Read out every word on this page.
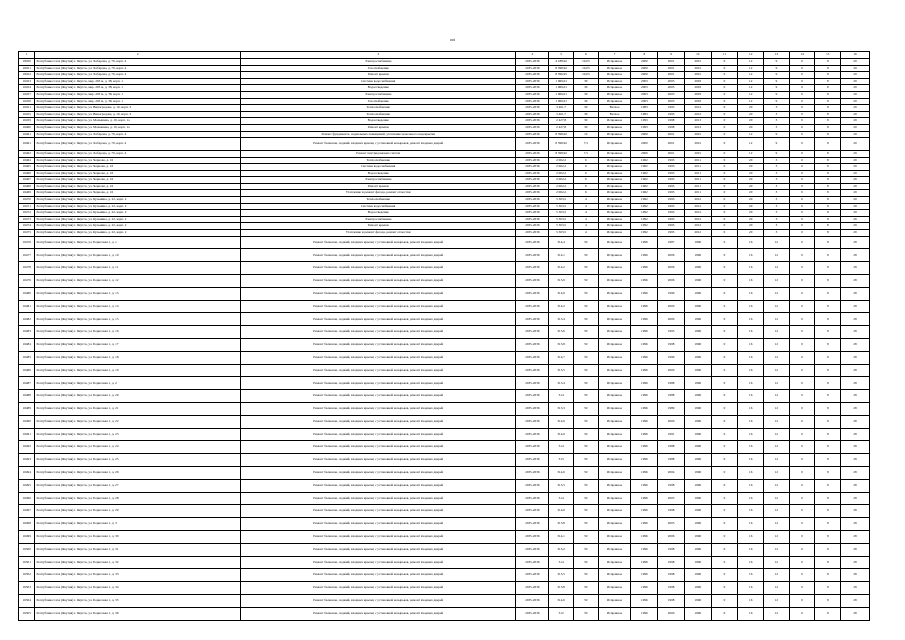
ooi
1	2	3	4	5	6	7	8	9	10	11	12	13	14	15	16
18450	Республика Саха (Якутия) г. Якутск, ул. Хабарова, д. 79, корп. 4	Электроснабжение	2035-2036	4 188,92	10,03	Исправное	2000	2001	2001	0	12	9	0	8	29
18451	Республика Саха (Якутия) г. Якутск, ул. Хабарова, д. 79, корп. 4	Газоснабжение	2035-2036	8 598,92	10,03	Исправное	2000	2001	2001	0	12	9	0	8	29
18452	Республика Саха (Якутия) г. Якутск, ул. Хабарова, д. 79, корп. 4	Ремонт крыши	2035-2036	8 596,95	10,03	Исправное	2000	2001	2001	0	12	9	0	8	29
16453	Республика Саха (Якутия) г. Якутск, мкр. 203 м, д. 38, корп. 1	Система водоснабжения	2035-2036	1 969,01	30	Исправное	2003	2003	2003	0	12	9	0	8	29
16454	Республика Саха (Якутия) г. Якутск, мкр. 203 м, д. 38, корп. 1	Водоотведение	2035-2036	1 969,01	30	Исправное	2003	2003	2003	0	12	9	0	8	29
16457	Республика Саха (Якутия) г. Якутск, мкр. 203 м, д. 38, корп. 1	Электроснабжение	2035-2036	1 969,01	30	Исправное	2003	2003	2003	0	12	9	0	8	29
16456	Республика Саха (Якутия) г. Якутск, мкр. 203 м, д. 38, корп. 1	Газоснабжение	2035-2036	1 969,01	30	Исправное	2003	2003	2003	0	12	9	0	8	29
16451	Республика Саха (Якутия) г. Якутск, ул. Виноградова, д. 10, корп. 3	Теплоснабжение	2035-2036	3 461,7	30	Ветхое	1983	1993	2012	0	20	3	0	8	29
16455	Республика Саха (Якутия) г. Якутск, ул. Виноградова, д. 10, корп. 3	Теплоснабжение	2035-2036	3 461,7	30	Ветхое	1983	1993	2012	0	20	3	0	8	29
16459	Республика Саха (Якутия) г. Якутск, ул. Малышева, д. 19, корп. 1а	Водоотведение	2035-2036	2 427,8	30	Исправное	1993	1998	2013	0	20	3	0	8	29
16460	Республика Саха (Якутия) г. Якутск, ул. Малышева, д. 19, корп. 1а	Ремонт крыши	2035-2036	2 427,8	30	Исправное	1993	1998	2013	0	20	3	0	8	29
16461	Республика Саха (Якутия) г. Якутск, ул. Хабарова, д. 79, корп. 4	Ремонт фундамента, подвальных помещений, утепление цокольного перекрытия	2035-2036	8 598,92	10	Исправное	2000	2001	2001	0	12	9	0	8	29
16461	Республика Саха (Якутия) г. Якутск, ул. Хабарова, д. 79, корп. 4	Ремонт балконов, лоджий, входных крылец с установкой козырьков, ремонт входных дверей	2035-2036	8 598,92	7,5	Исправное	2000	2001	2001	0	12	9	0	8	29
16462	Республика Саха (Якутия) г. Якутск, ул. Хабарова, д. 79, корп. 4	Ремонт внутридомовых систем	2035-2036	8 598,92	7,5	Исправное	2000	2001	2001	0	12	9	0	8	29
16464	Республика Саха (Якутия) г. Якутск, ул. Чернова, д. 16	Теплоснабжение	2035-2036	2 062,2	6	Исправное	1962	1993	2011	0	20	3	0	8	29
16465	Республика Саха (Якутия) г. Якутск, ул. Чернова, д. 16	Система водоснабжения	2035-2036	2 062,2	6	Исправное	1962	1993	2011	0	20	3	0	8	29
16466	Республика Саха (Якутия) г. Якутск, ул. Чернова, д. 16	Водоотведение	2035-2036	2 062,2	6	Исправное	1962	1993	2011	0	20	3	0	8	29
16467	Республика Саха (Якутия) г. Якутск, ул. Чернова, д. 16	Электроснабжение	2035-2036	2 062,2	6	Исправное	1962	1993	2011	0	20	3	0	8	29
16468	Республика Саха (Якутия) г. Якутск, ул. Чернова, д. 16	Ремонт крыши	2035-2036	2 062,2	6	Исправное	1962	1993	2011	0	20	3	0	8	29
16469	Республика Саха (Якутия) г. Якутск, ул. Чернова, д. 16	Утепление и ремонт фасада, ремонт отмостки	2035-2036	2 062,2	6	Исправное	1962	1993	2011	0	20	3	0	8	29
16470	Республика Саха (Якутия) г. Якутск, ул. Кузьмина, д. 22, корп. 2	Теплоснабжение	2035-2036	5 303,5	4	Исправное	1992	1993	2012	0	20	3	0	8	29
16471	Республика Саха (Якутия) г. Якутск, ул. Кузьмина, д. 22, корп. 2	Система водоснабжения	2035-2036	5 303,5	4	Исправное	1992	1993	2012	0	20	3	0	8	29
16472	Республика Саха (Якутия) г. Якутск, ул. Кузьмина, д. 22, корп. 2	Водоотведение	2035-2036	5 303,5	4	Исправное	1992	1993	2012	0	20	3	0	8	29
16473	Республика Саха (Якутия) г. Якутск, ул. Кузьмина, д. 22, корп. 2	Электроснабжение	2035-2036	5 303,5	4	Исправное	1992	1993	2012	0	20	3	0	8	29
16474	Республика Саха (Якутия) г. Якутск, ул. Кузьмина, д. 22, корп. 2	Ремонт крыши	2035-2036	5 303,5	4	Исправное	1992	1993	2012	0	20	3	0	8	29
16475	Республика Саха (Якутия) г. Якутск, ул. Кузьмина, д. 22, корп. 2	Утепление и ремонт фасада, ремонт отмостки	2035-2036	5 303,5	4	Исправное	1992	1993	2012	0	20	3	0	8	29
16476	Республика Саха (Якутия) г. Якутск, ул. Борисовая 1, д. 1	Ремонт балконов, лоджий, входных крылец с установкой козырьков, ремонт входных дверей	2035-2036	314,4	50	Исправное	1996	1987	1996	0	16	12	0	8	28
16477	Республика Саха (Якутия) г. Якутск, ул. Борисовая 1, д. 10	Ремонт балконов, лоджий, входных крылец с установкой козырьков, ремонт входных дверей	2035-2036	314,1	50	Исправное	1996	2006	1996	0	16	12	0	8	28
16478	Республика Саха (Якутия) г. Якутск, ул. Борисовая 1, д. 11	Ремонт балконов, лоджий, входных крылец с установкой козырьков, ремонт входных дверей	2035-2036	314,2	50	Исправное	1996	2006	1996	0	16	12	0	8	28
16479	Республика Саха (Якутия) г. Якутск, ул. Борисовая 1, д. 12	Ремонт балконов, лоджий, входных крылец с установкой козырьков, ремонт входных дверей	2035-2036	315,9	50	Исправное	1996	2006	1996	0	16	12	0	8	28
16480	Республика Саха (Якутия) г. Якутск, ул. Борисовая 1, д. 13	Ремонт балконов, лоджий, входных крылец с установкой козырьков, ремонт входных дверей	2035-2036	314,9	50	Исправное	1996	1999	1996	0	16	12	0	8	28
16481	Республика Саха (Якутия) г. Якутск, ул. Борисовая 1, д. 14	Ремонт балконов, лоджий, входных крылец с установкой козырьков, ремонт входных дверей	2035-2036	314,2	50	Исправное	1996	2000	1996	0	16	12	0	8	28
16482	Республика Саха (Якутия) г. Якутск, ул. Борисовая 1, д. 15	Ремонт балконов, лоджий, входных крылец с установкой козырьков, ремонт входных дверей	2035-2036	313,4	50	Исправное	1996	2000	1996	0	16	12	0	8	28
16483	Республика Саха (Якутия) г. Якутск, ул. Борисовая 1, д. 16	Ремонт балконов, лоджий, входных крылец с установкой козырьков, ремонт входных дверей	2035-2036	313,6	50	Исправное	1996	1995	1996	0	16	12	0	8	28
16484	Республика Саха (Якутия) г. Якутск, ул. Борисовая 1, д. 17	Ремонт балконов, лоджий, входных крылец с установкой козырьков, ремонт входных дверей	2035-2036	313,8	50	Исправное	1996	1998	1996	0	16	12	0	8	28
16485	Республика Саха (Якутия) г. Якутск, ул. Борисовая 1, д. 18	Ремонт балконов, лоджий, входных крылец с установкой козырьков, ремонт входных дверей	2035-2036	314,7	50	Исправное	1996	1999	1996	0	16	12	0	8	28
16486	Республика Саха (Якутия) г. Якутск, ул. Борисовая 1, д. 19	Ремонт балконов, лоджий, входных крылец с установкой козырьков, ремонт входных дверей	2035-2036	313,5	50	Исправное	1996	2000	1996	0	16	12	0	8	28
16487	Республика Саха (Якутия) г. Якутск, ул. Борисовая 1, д. 2	Ремонт балконов, лоджий, входных крылец с установкой козырьков, ремонт входных дверей	2035-2036	313,4	50	Исправное	1996	1988	1996	0	16	12	0	8	28
16488	Республика Саха (Якутия) г. Якутск, ул. Борисовая 1, д. 20	Ремонт балконов, лоджий, входных крылец с установкой козырьков, ремонт входных дверей	2035-2036	314	50	Исправное	1996	1988	1996	0	16	12	0	8	28
16489	Республика Саха (Якутия) г. Якутск, ул. Борисовая 1, д. 21	Ремонт балконов, лоджий, входных крылец с установкой козырьков, ремонт входных дверей	2035-2036	313,3	50	Исправное	1996	1989	1996	0	16	12	0	8	28
16490	Республика Саха (Якутия) г. Якутск, ул. Борисовая 1, д. 22	Ремонт балконов, лоджий, входных крылец с установкой козырьков, ремонт входных дверей	2035-2036	314,6	50	Исправное	1996	2000	1996	0	16	12	0	8	28
16491	Республика Саха (Якутия) г. Якутск, ул. Борисовая 1, д. 23	Ремонт балконов, лоджий, входных крылец с установкой козырьков, ремонт входных дверей	2035-2036	314,9	50	Исправное	1996	1991	1996	0	16	12	0	8	28
16492	Республика Саха (Якутия) г. Якутск, ул. Борисовая 1, д. 24	Ремонт балконов, лоджий, входных крылец с установкой козырьков, ремонт входных дверей	2035-2036	314	50	Исправное	1996	1988	1996	0	16	12	0	8	28
16493	Республика Саха (Якутия) г. Якутск, ул. Борисовая 1, д. 25	Ремонт балконов, лоджий, входных крылец с установкой козырьков, ремонт входных дверей	2035-2036	313	50	Исправное	1996	1988	1996	0	16	12	0	8	28
16494	Республика Саха (Якутия) г. Якутск, ул. Борисовая 1, д. 26	Ремонт балконов, лоджий, входных крылец с установкой козырьков, ремонт входных дверей	2035-2036	314,6	50	Исправное	1996	2004	1996	0	16	12	0	8	28
16495	Республика Саха (Якутия) г. Якутск, ул. Борисовая 1, д. 27	Ремонт балконов, лоджий, входных крылец с установкой козырьков, ремонт входных дверей	2035-2036	313,5	50	Исправное	1996	1998	1996	0	16	12	0	8	28
16496	Республика Саха (Якутия) г. Якутск, ул. Борисовая 1, д. 28	Ремонт балконов, лоджий, входных крылец с установкой козырьков, ремонт входных дверей	2035-2036	314	50	Исправное	1996	2003	1996	0	16	12	0	8	28
16497	Республика Саха (Якутия) г. Якутск, ул. Борисовая 1, д. 29	Ремонт балконов, лоджий, входных крылец с установкой козырьков, ремонт входных дверей	2035-2036	314,6	50	Исправное	1996	1998	1996	0	16	12	0	8	28
16498	Республика Саха (Якутия) г. Якутск, ул. Борисовая 1, д. 3	Ремонт балконов, лоджий, входных крылец с установкой козырьков, ремонт входных дверей	2035-2036	313,8	50	Исправное	1996	2005	1996	0	16	12	0	8	28
16499	Республика Саха (Якутия) г. Якутск, ул. Борисовая 1, д. 30	Ремонт балконов, лоджий, входных крылец с установкой козырьков, ремонт входных дверей	2035-2036	314,1	50	Исправное	1996	2006	1996	0	16	12	0	8	28
16500	Республика Саха (Якутия) г. Якутск, ул. Борисовая 1, д. 31	Ремонт балконов, лоджий, входных крылец с установкой козырьков, ремонт входных дверей	2035-2036	313,2	50	Исправное	1996	1998	1996	0	16	12	0	8	28
16501	Республика Саха (Якутия) г. Якутск, ул. Борисовая 1, д. 32	Ремонт балконов, лоджий, входных крылец с установкой козырьков, ремонт входных дверей	2035-2036	314	50	Исправное	1996	1998	1996	0	16	12	0	8	28
16502	Республика Саха (Якутия) г. Якутск, ул. Борисовая 1, д. 33	Ремонт балконов, лоджий, входных крылец с установкой козырьков, ремонт входных дверей	2035-2036	313,5	50	Исправное	1996	1998	1996	0	16	12	0	8	28
16503	Республика Саха (Якутия) г. Якутск, ул. Борисовая 1, д. 34	Ремонт балконов, лоджий, входных крылец с установкой козырьков, ремонт входных дверей	2035-2036	313,8	50	Исправное	1996	1998	1996	0	16	12	0	8	28
16504	Республика Саха (Якутия) г. Якутск, ул. Борисовая 1, д. 35	Ремонт балконов, лоджий, входных крылец с установкой козырьков, ремонт входных дверей	2035-2036	314,6	50	Исправное	1996	1998	1996	0	16	12	0	8	28
16505	Республика Саха (Якутия) г. Якутск, ул. Борисовая 1, д. 36	Ремонт балконов, лоджий, входных крылец с установкой козырьков, ремонт входных дверей	2035-2036	312	50	Исправное	1996	2000	1996	0	16	12	0	8	28
